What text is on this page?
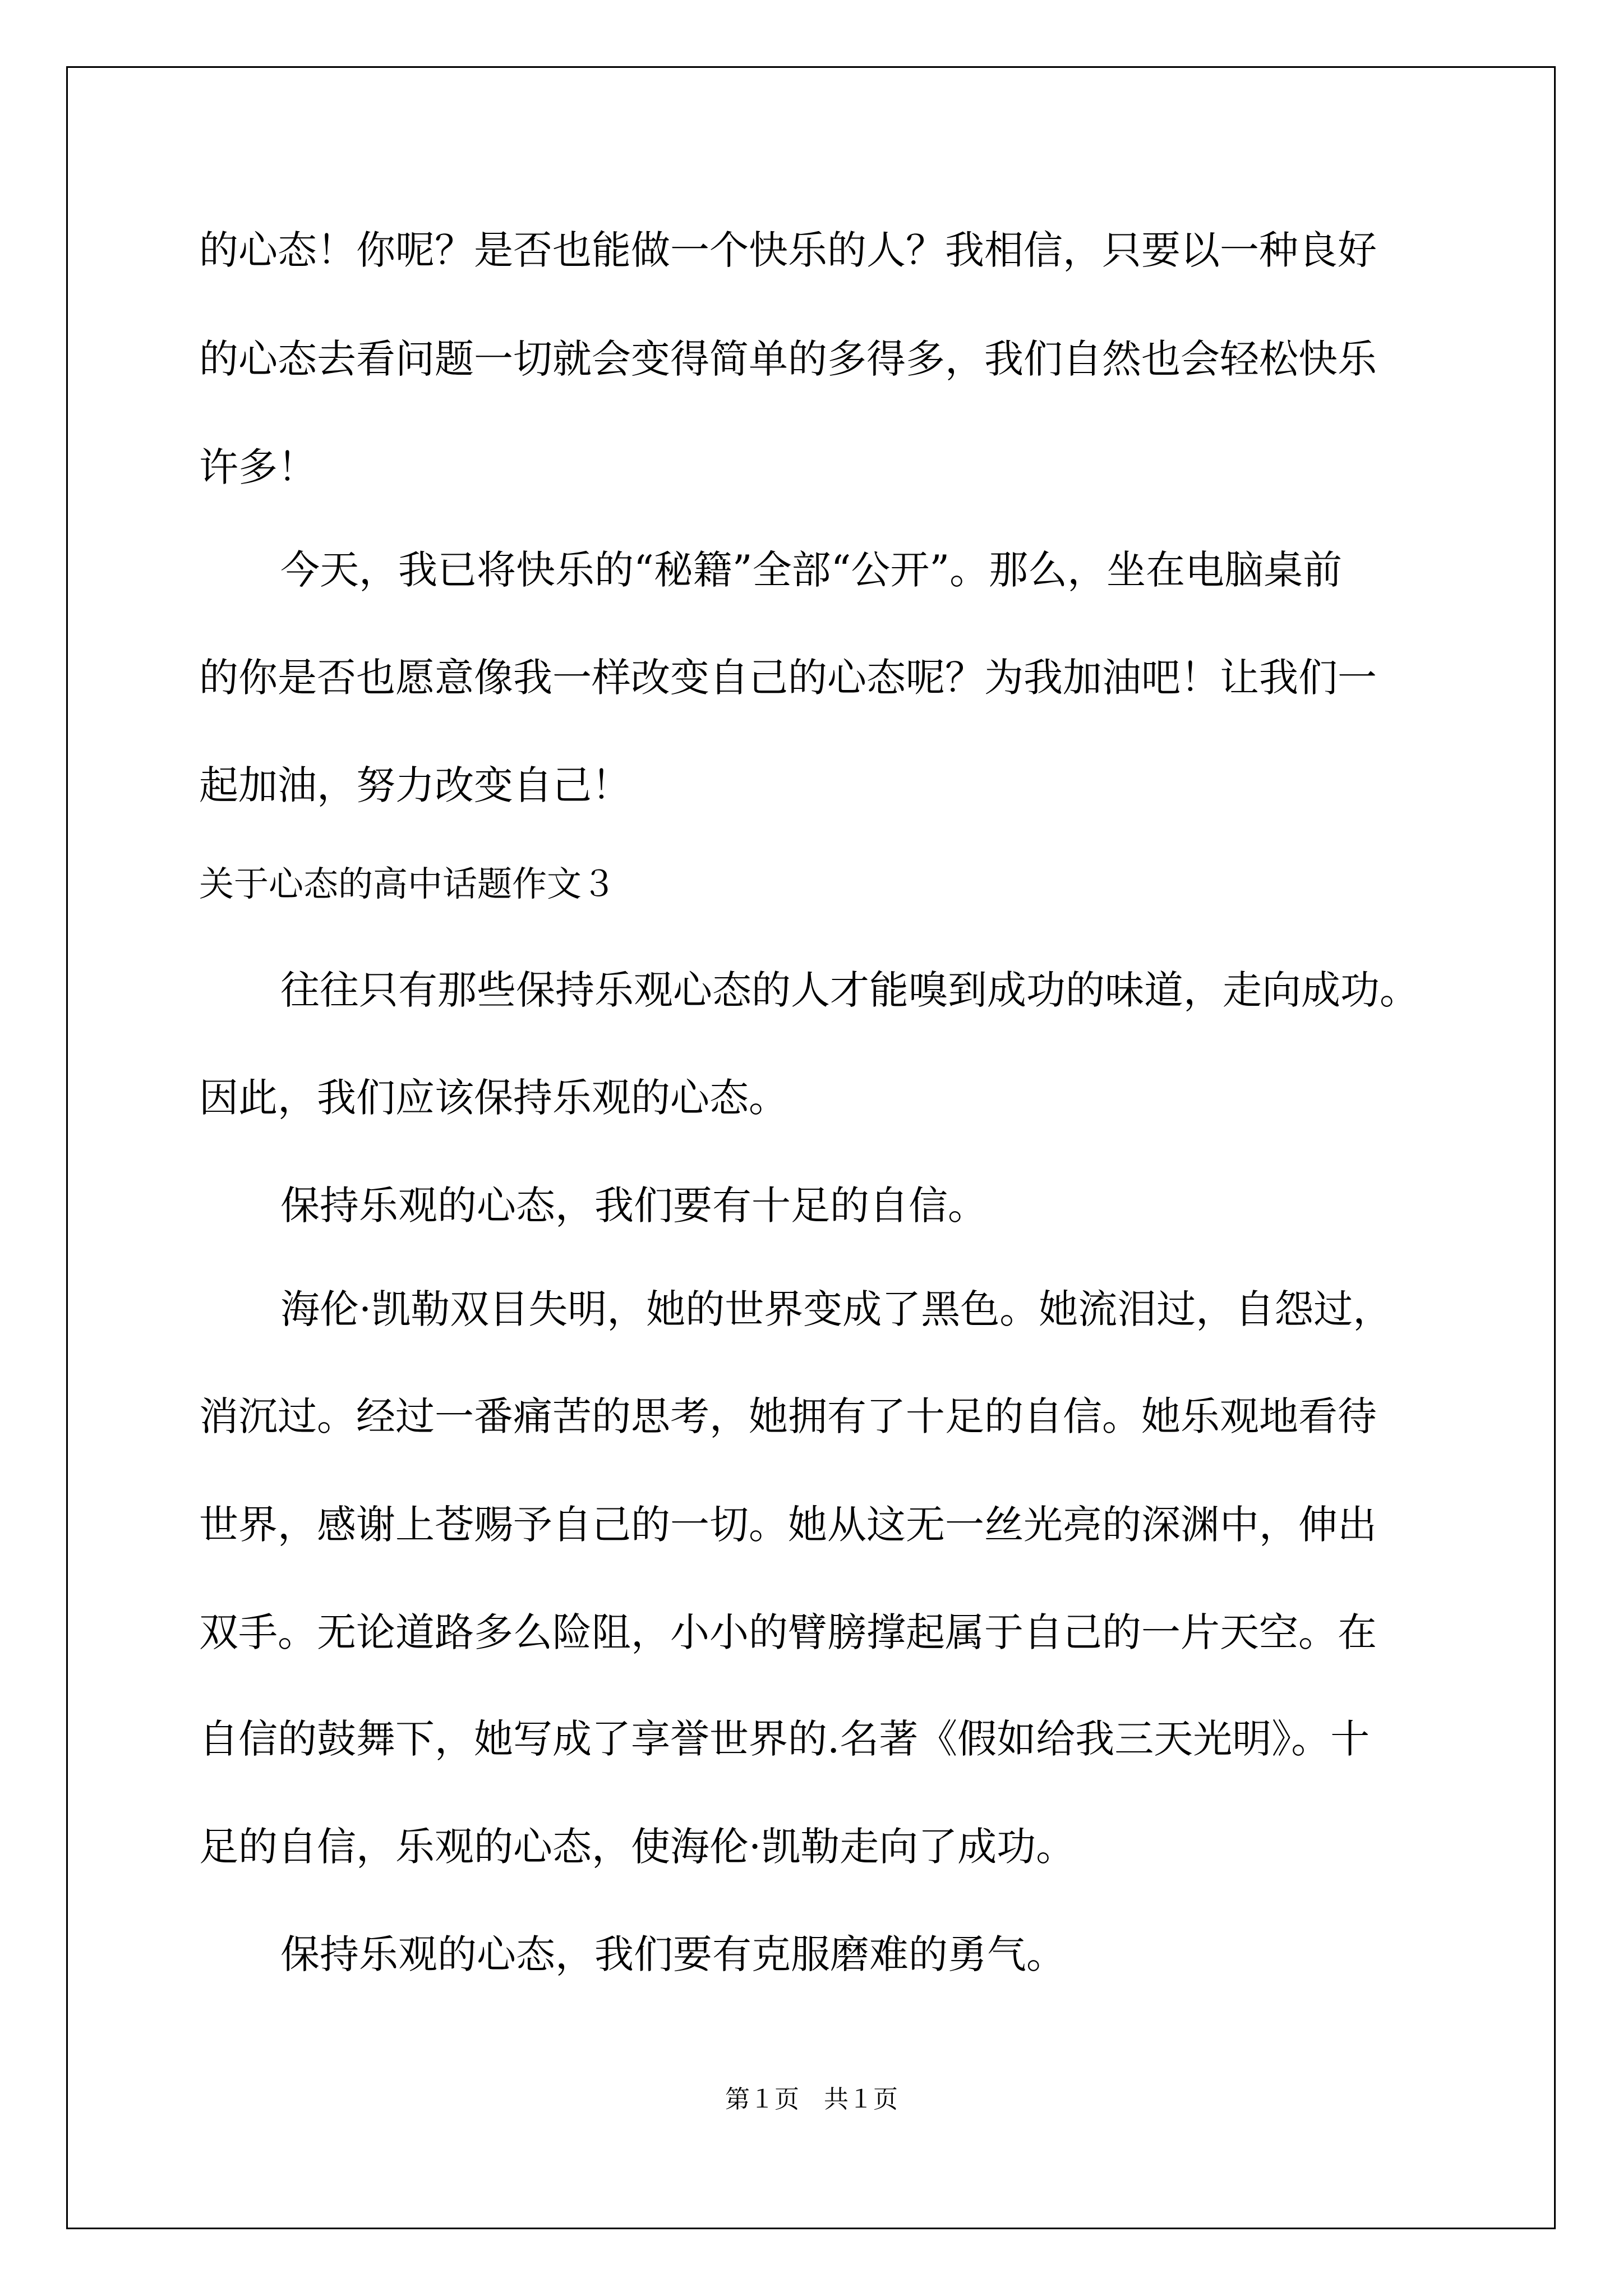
的心态！你呢？是否也能做一个快乐的人？我相信，只要以一种良好
的心态去看问题一切就会变得简单的多得多，我们自然也会轻松快乐
许多！
今天，我已将快乐的“秘籍”全部“公开”。那么，坐在电脑桌前
的你是否也愿意像我一样改变自己的心态呢？为我加油吧！让我们一
起加油，努力改变自己！
关于心态的高中话题作文３
往往只有那些保持乐观心态的人才能嗅到成功的味道，走向成功。
因此，我们应该保持乐观的心态。
保持乐观的心态，我们要有十足的自信。
海伦·凯勒双目失明，她的世界变成了黑色。她流泪过，自怨过，
消沉过。经过一番痛苦的思考，她拥有了十足的自信。她乐观地看待
世界，感谢上苍赐予自己的一切。她从这无一丝光亮的深渊中，伸出
双手。无论道路多么险阻，小小的臂膀撑起属于自己的一片天空。在
自信的鼓舞下，她写成了享誉世界的.名著《假如给我三天光明》。十
足的自信，乐观的心态，使海伦·凯勒走向了成功。
保持乐观的心态，我们要有克服磨难的勇气。
第１页　共１页
